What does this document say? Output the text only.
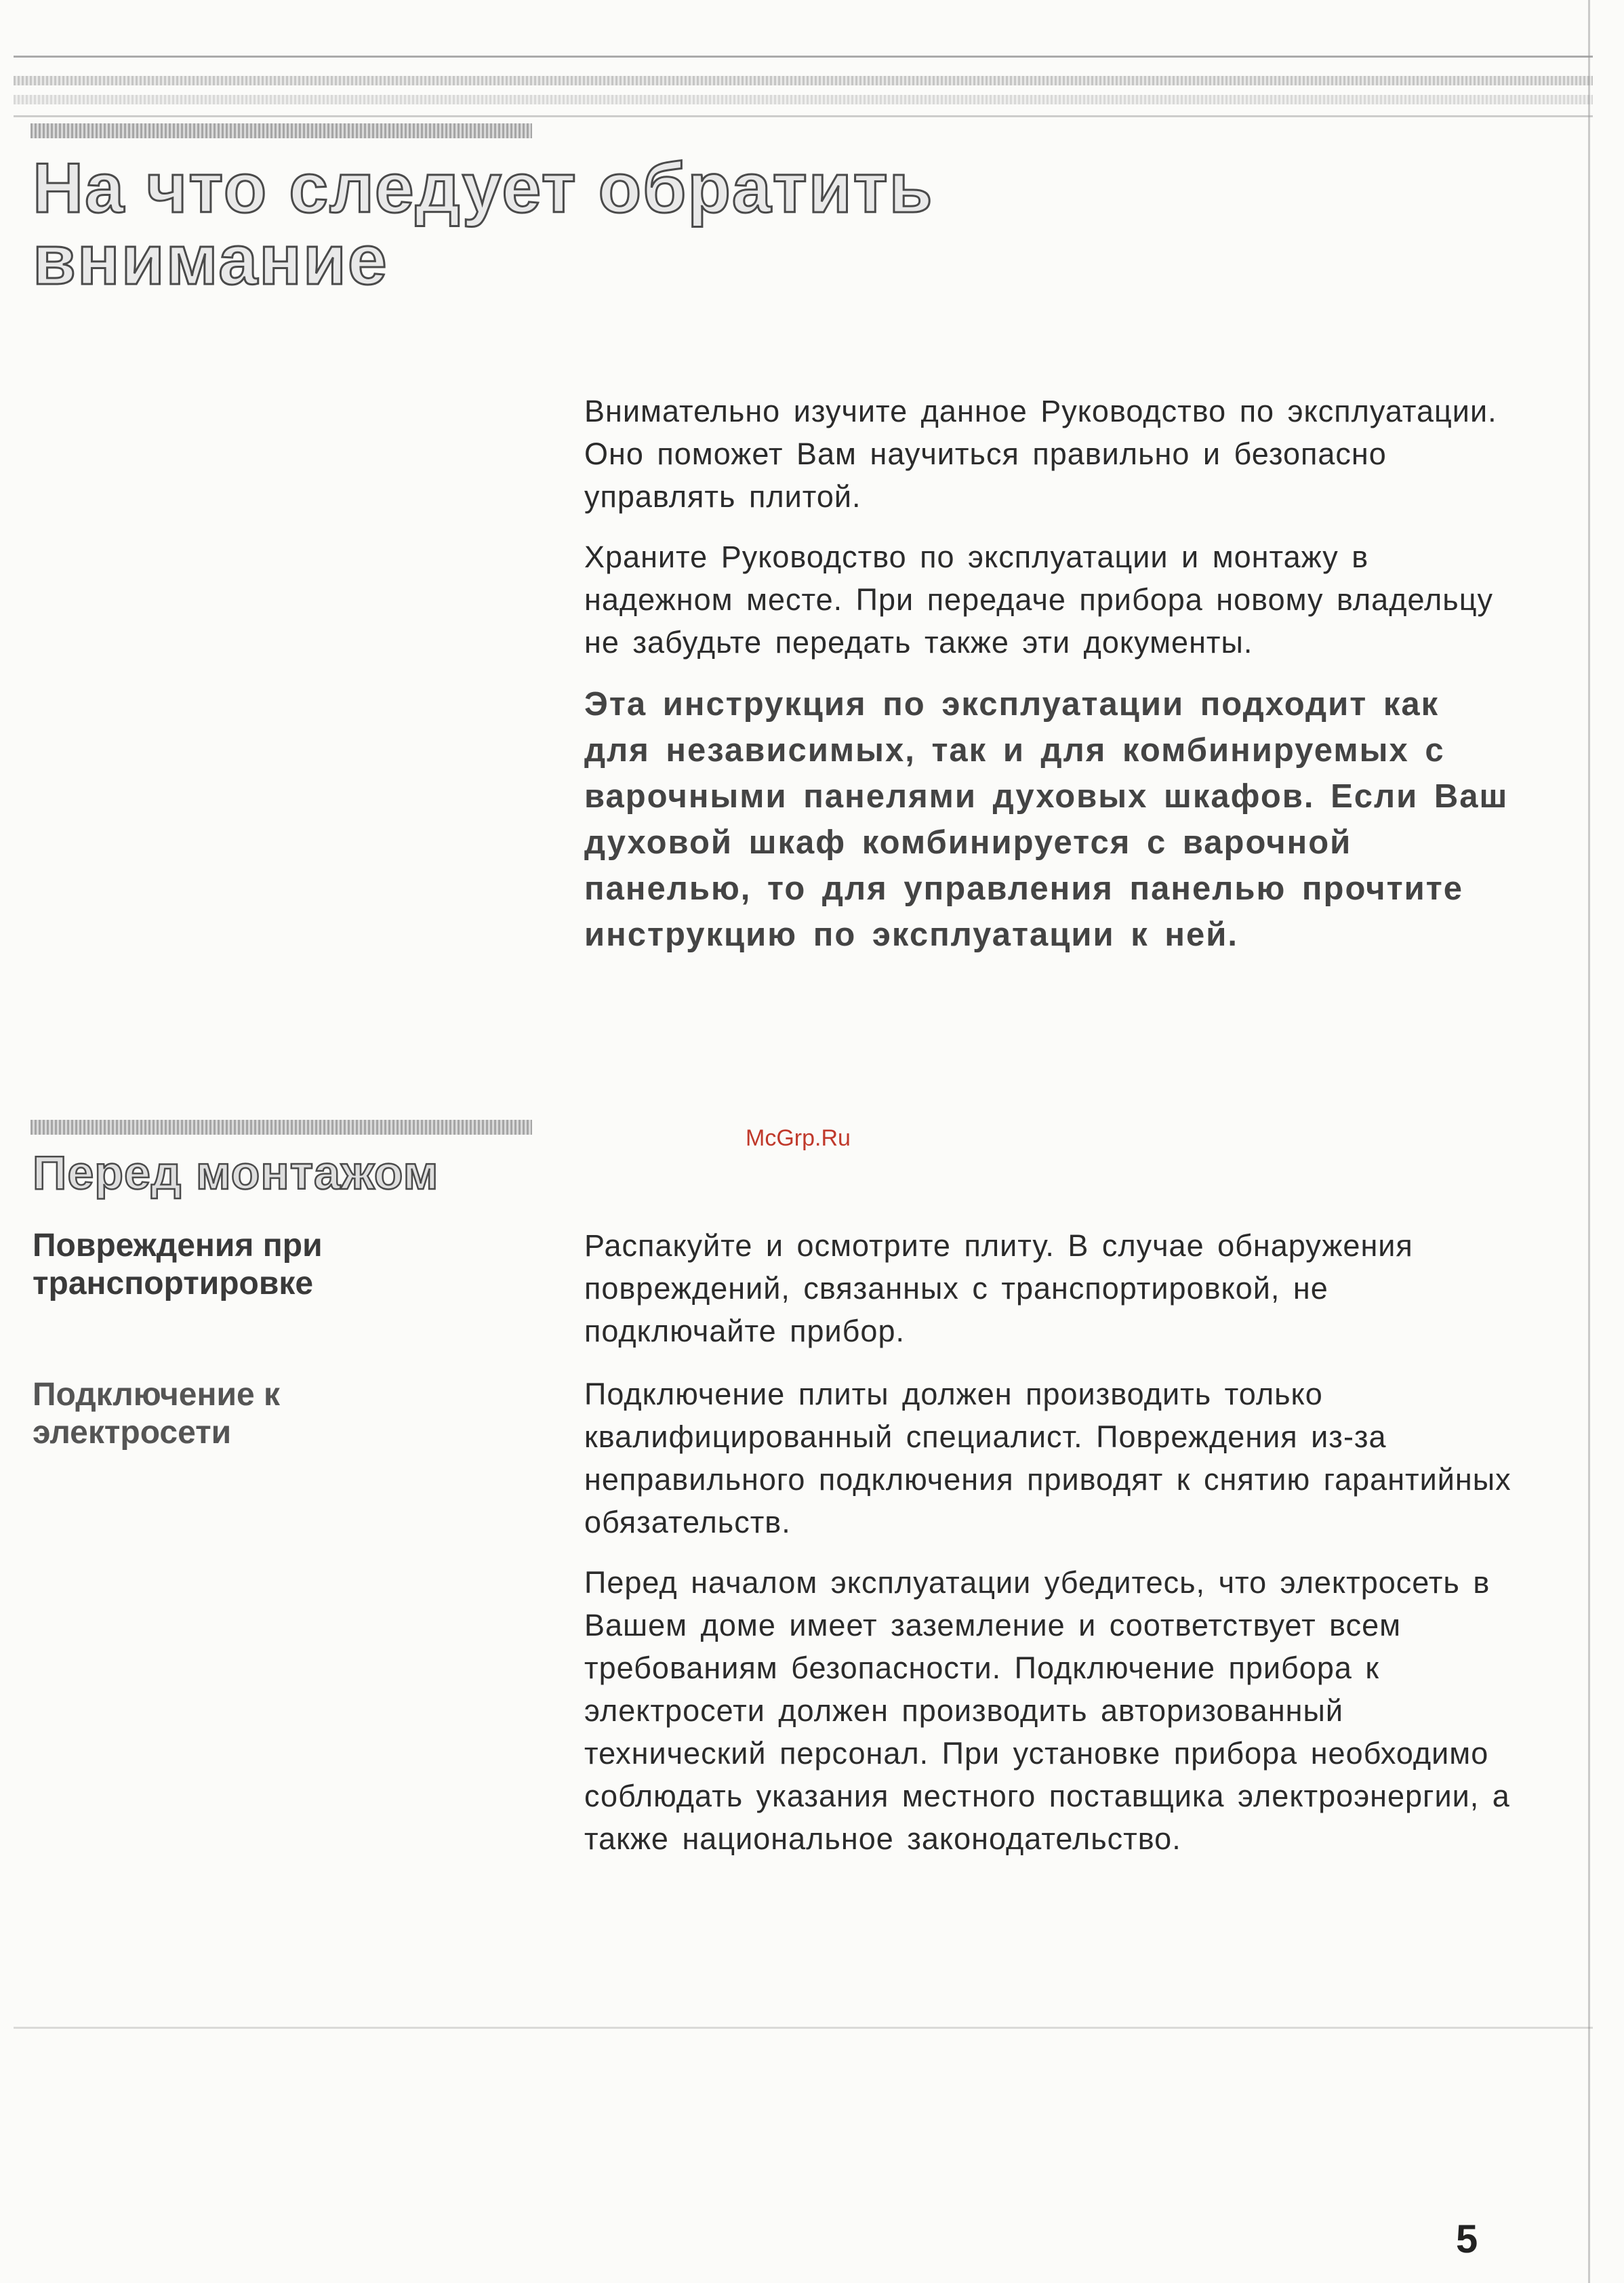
На что следует обратить внимание

Внимательно изучите данное Руководство по эксплуатации. Оно поможет Вам научиться правильно и безопасно управлять плитой.

Храните Руководство по эксплуатации и монтажу в надежном месте. При передаче прибора новому владельцу не забудьте передать также эти документы.

Эта инструкция по эксплуатации подходит как для независимых, так и для комбинируемых с варочными панелями духовых шкафов. Если Ваш духовой шкаф комбинируется с варочной панелью, то для управления панелью прочтите инструкцию по эксплуатации к ней.

McGrp.Ru

Перед монтажом
Повреждения при транспортировке

Распакуйте и осмотрите плиту. В случае обнаружения повреждений, связанных с транспортировкой, не подключайте прибор.

Подключение к электросети

Подключение плиты должен производить только квалифицированный специалист. Повреждения из-за неправильного подключения приводят к снятию гарантийных обязательств.

Перед началом эксплуатации убедитесь, что электросеть в Вашем доме имеет заземление и соответствует всем требованиям безопасности. Подключение прибора к электросети должен производить авторизованный технический персонал. При установке прибора необходимо соблюдать указания местного поставщика электроэнергии, а также национальное законодательство.

5
